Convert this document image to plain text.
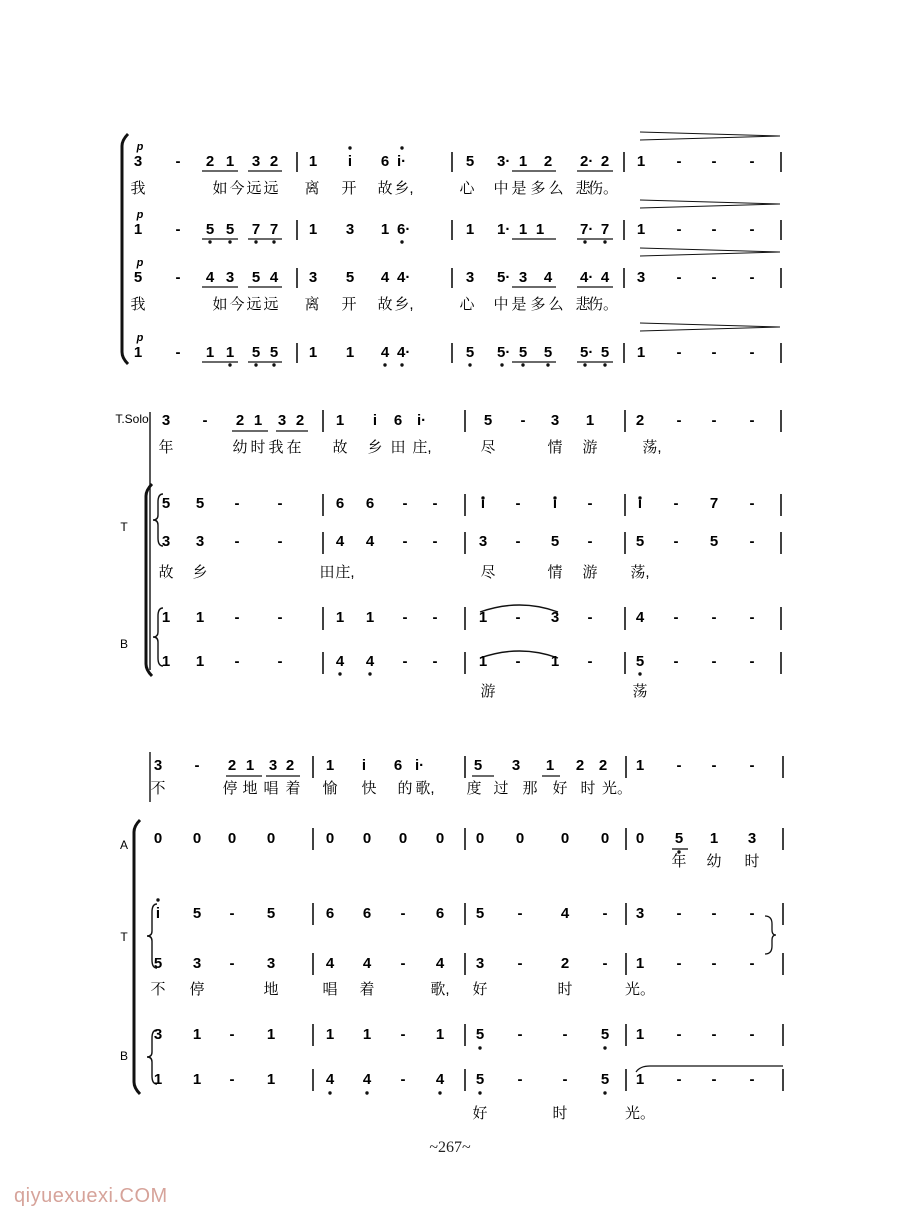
p
3 - 2 1 3 2 1 i 6 i·	5 3· 1 2 2· 2 1 - - -
我	如 今 远 远 离 开 故 乡,	心 中 是 多 么 悲
伤。
p
1 - 5 5 7 7 1 3 1 6·	1 1· 1 1 7· 7 1 - - -
p
5 - 4 3 5 4 3 5 4 4·	3 5· 3 4 4· 4 3 - - -
我	如 今 远 远 离 开 故 乡,	心 中 是 多 么 悲
伤。
p
1 - 1 1 5 5 1 1 4 4·	5 5· 5 5 5· 5 1 - - -
T.Solo
T
B
3 - 2 1 3 2 1 i 6 i·	5 - 3 1	2 - - -
年	幼 时 我 在 故 乡 田 庄,	尽	情 游	荡,
5 5 -	-	6 6 - -	i - i -	i - 7 -
3 3 -	-	4 4 - -	3 - 5 -	5 - 5 -
故 乡	田 庄,	尽	情 游 荡,
1 1 -	-	1 1 - -	1 - 3 -	4 - - -
1 1 -	-	4 4 - -	1 - 1 -	5 - - -
游	荡
A
T
B
3 - 2 1 3 2 1 i 6 i·	5 3 1 2 2 1 - - -
不	停 地 唱 着 愉 快 的 歌, 度 过 那 好 时 光。
0 0 0 0	0 0 0 0 0 0 0 0 0 5 1 3
年 幼 时
i 5 - 5	6 6 - 6 5 -	4 - 3 - - -
5 3 - 3	4 4 - 4 3 -	2 - 1 - - -
不 停	地	唱 着	歌, 好	时	光。
3 1 - 1	1 1 - 1 5 -	- 5 1 - - -
1 1 - 1	4 4 - 4 5 -	- 5 1 - - -
好	时	光。
~267~
qiyuexuexi.COM
